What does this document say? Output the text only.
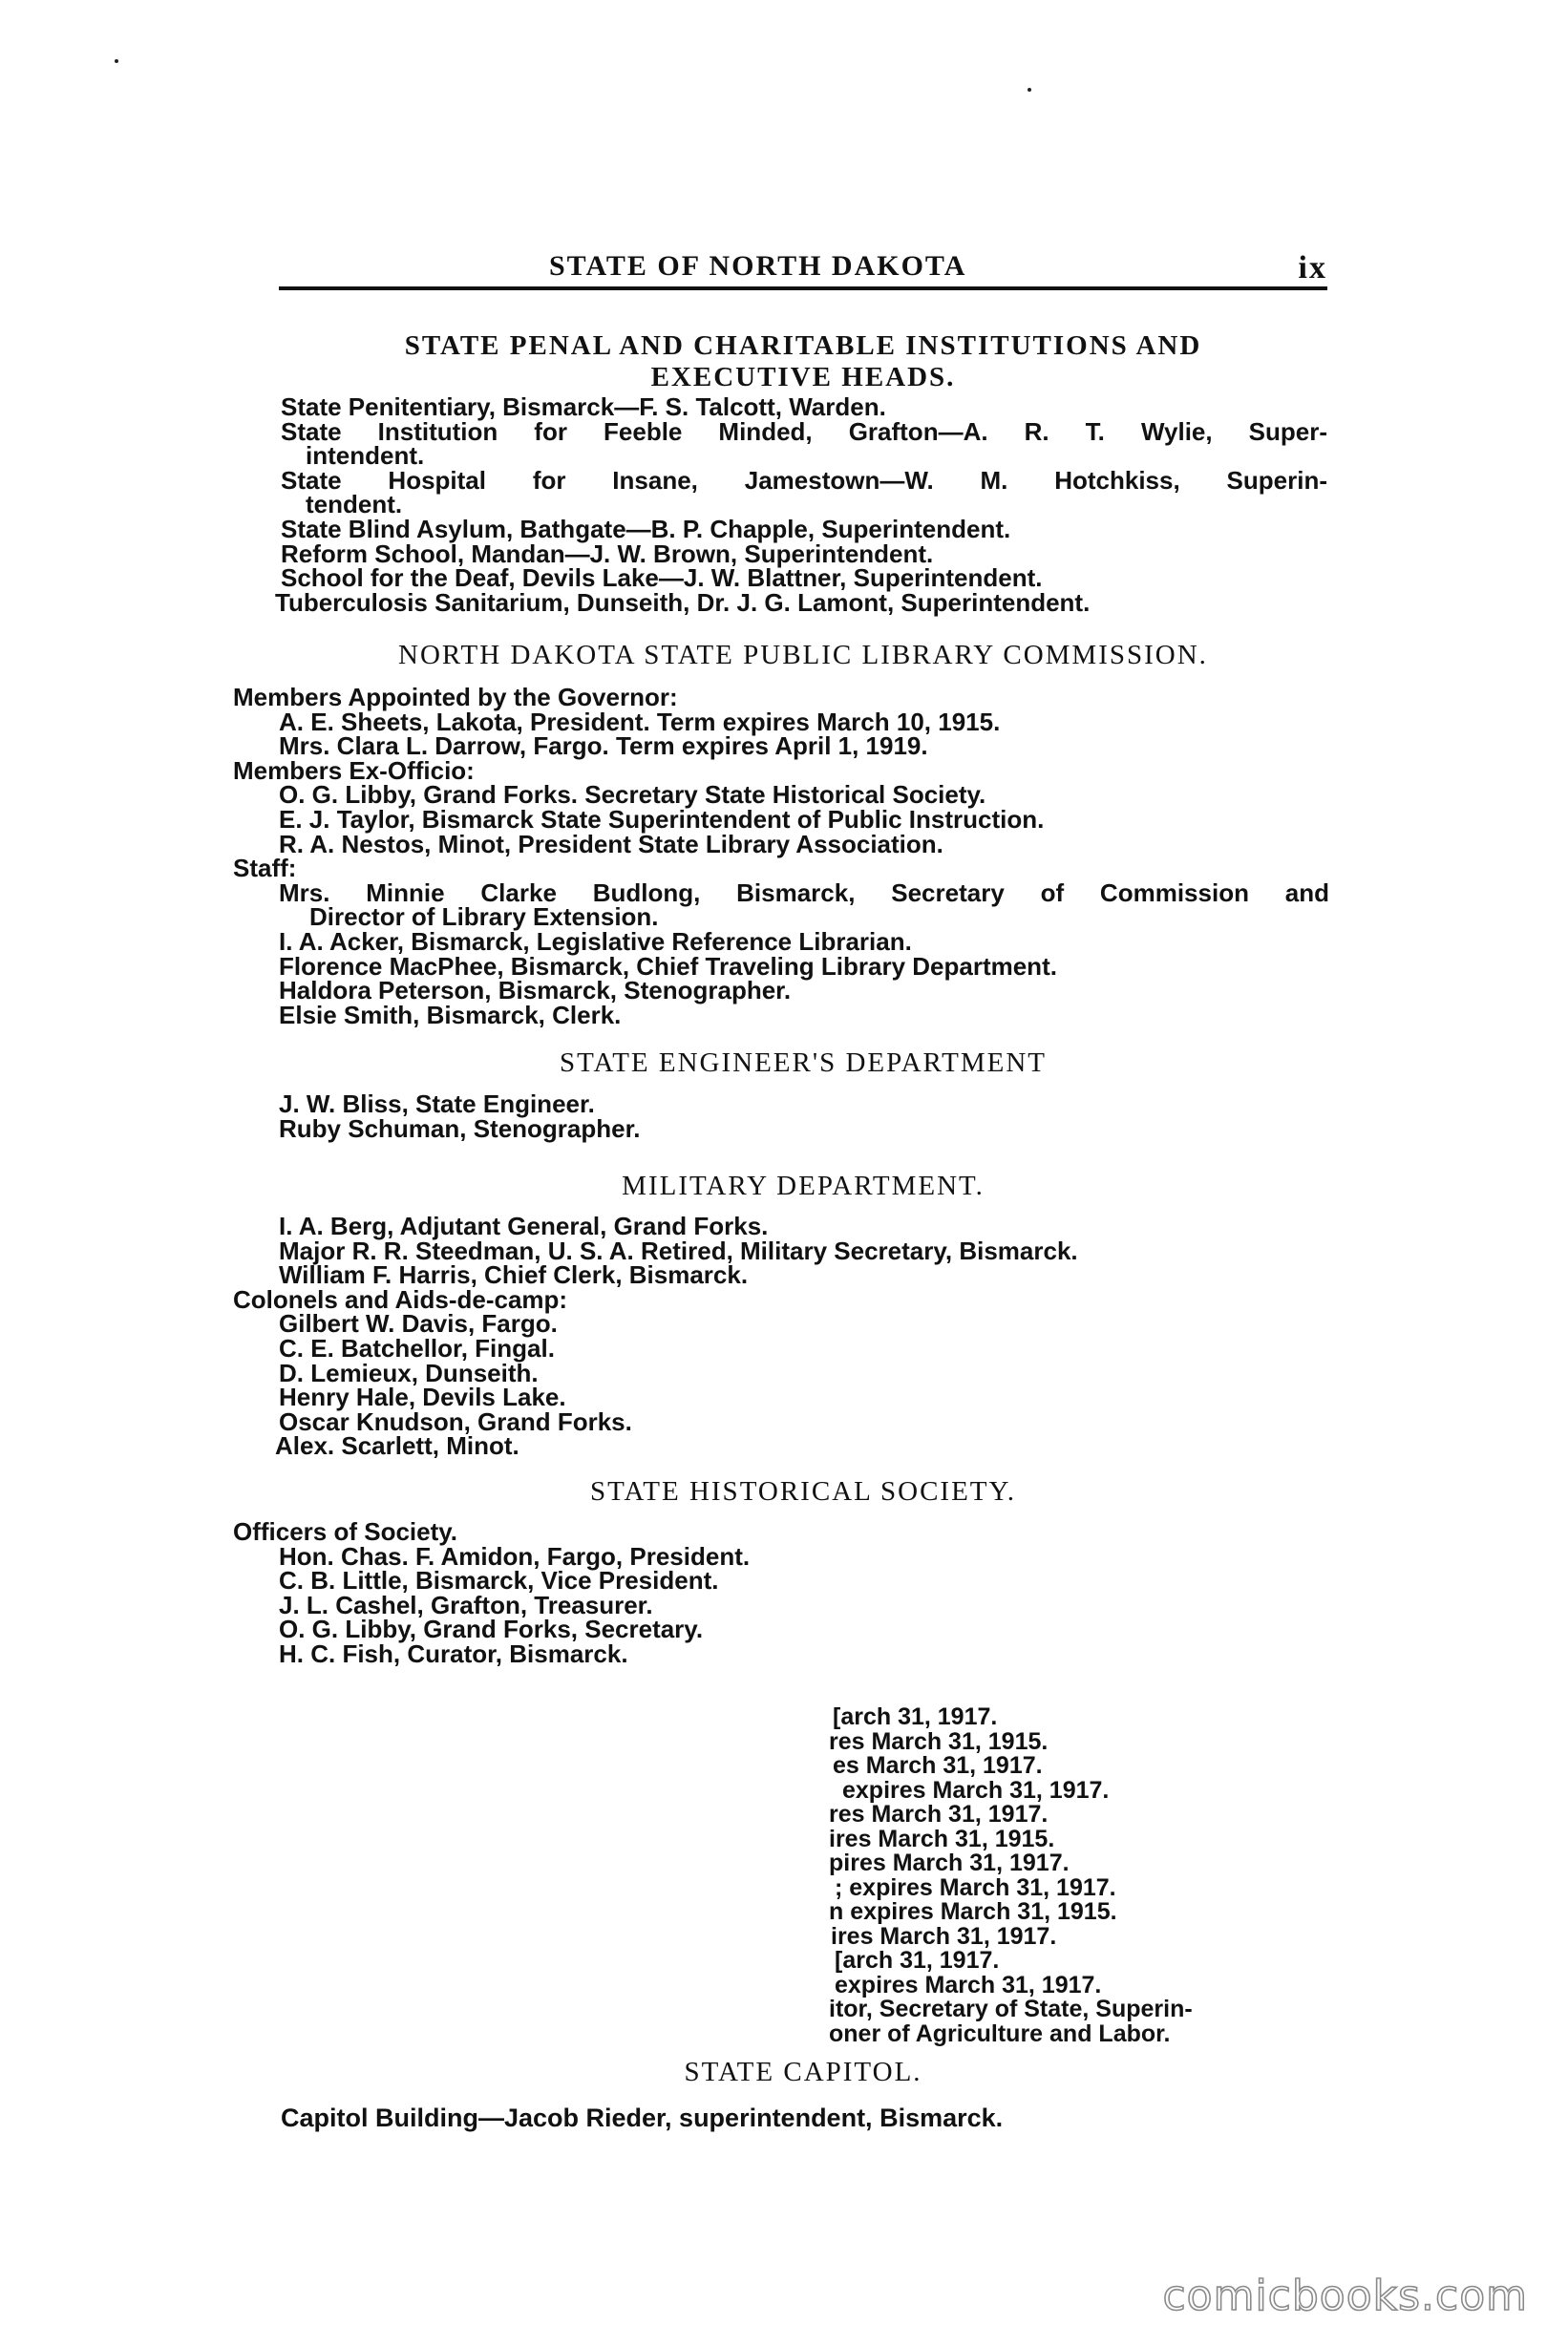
STATE OF NORTH DAKOTA	ix
STATE PENAL AND CHARITABLE INSTITUTIONS AND
EXECUTIVE HEADS.
State Penitentiary, Bismarck—F. S. Talcott, Warden.
State Institution for Feeble Minded, Grafton—A. R. T. Wylie, Super-
intendent.
State Hospital for Insane, Jamestown—W. M. Hotchkiss, Superin-
tendent.
State Blind Asylum, Bathgate—B. P. Chapple, Superintendent.
Reform School, Mandan—J. W. Brown, Superintendent.
School for the Deaf, Devils Lake—J. W. Blattner, Superintendent.
Tuberculosis Sanitarium, Dunseith, Dr. J. G. Lamont, Superintendent.
NORTH DAKOTA STATE PUBLIC LIBRARY COMMISSION.
Members Appointed by the Governor:
A. E. Sheets, Lakota, President. Term expires March 10, 1915.
Mrs. Clara L. Darrow, Fargo. Term expires April 1, 1919.
Members Ex-Officio:
O. G. Libby, Grand Forks. Secretary State Historical Society.
E. J. Taylor, Bismarck State Superintendent of Public Instruction.
R. A. Nestos, Minot, President State Library Association.
Staff:
Mrs. Minnie Clarke Budlong, Bismarck, Secretary of Commission and
Director of Library Extension.
I. A. Acker, Bismarck, Legislative Reference Librarian.
Florence MacPhee, Bismarck, Chief Traveling Library Department.
Haldora Peterson, Bismarck, Stenographer.
Elsie Smith, Bismarck, Clerk.
STATE ENGINEER'S DEPARTMENT
J. W. Bliss, State Engineer.
Ruby Schuman, Stenographer.
MILITARY DEPARTMENT.
I. A. Berg, Adjutant General, Grand Forks.
Major R. R. Steedman, U. S. A. Retired, Military Secretary, Bismarck.
William F. Harris, Chief Clerk, Bismarck.
Colonels and Aids-de-camp:
Gilbert W. Davis, Fargo.
C. E. Batchellor, Fingal.
D. Lemieux, Dunseith.
Henry Hale, Devils Lake.
Oscar Knudson, Grand Forks.
Alex. Scarlett, Minot.
STATE HISTORICAL SOCIETY.
Officers of Society.
Hon. Chas. F. Amidon, Fargo, President.
C. B. Little, Bismarck, Vice President.
J. L. Cashel, Grafton, Treasurer.
O. G. Libby, Grand Forks, Secretary.
H. C. Fish, Curator, Bismarck.
[arch 31, 1917.
res March 31, 1915.
es March 31, 1917.
expires March 31, 1917.
res March 31, 1917.
ires March 31, 1915.
pires March 31, 1917.
; expires March 31, 1917.
n expires March 31, 1915.
ires March 31, 1917.
[arch 31, 1917.
expires March 31, 1917.
itor, Secretary of State, Superin-
oner of Agriculture and Labor.
STATE CAPITOL.
Capitol Building—Jacob Rieder, superintendent, Bismarck.
comicbooks.com
